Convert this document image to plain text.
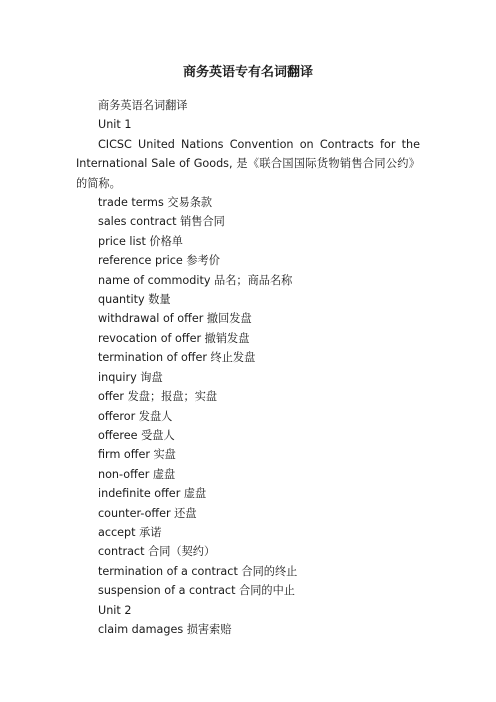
商务英语专有名词翻译
商务英语名词翻译
Unit 1
CICSC United Nations Convention on Contracts for the International Sale of Goods, 是《联合国国际货物销售合同公约》的简称。
trade terms 交易条款
sales contract 销售合同
price list 价格单
reference price 参考价
name of commodity 品名；商品名称
quantity 数量
withdrawal of offer 撤回发盘
revocation of offer 撤销发盘
termination of offer 终止发盘
inquiry 询盘
offer 发盘；报盘；实盘
offeror 发盘人
offeree 受盘人
firm offer 实盘
non-offer 虚盘
indefinite offer 虚盘
counter-offer 还盘
accept 承诺
contract 合同（契约）
termination of a contract 合同的终止
suspension of a contract 合同的中止
Unit 2
claim damages 损害索赔
